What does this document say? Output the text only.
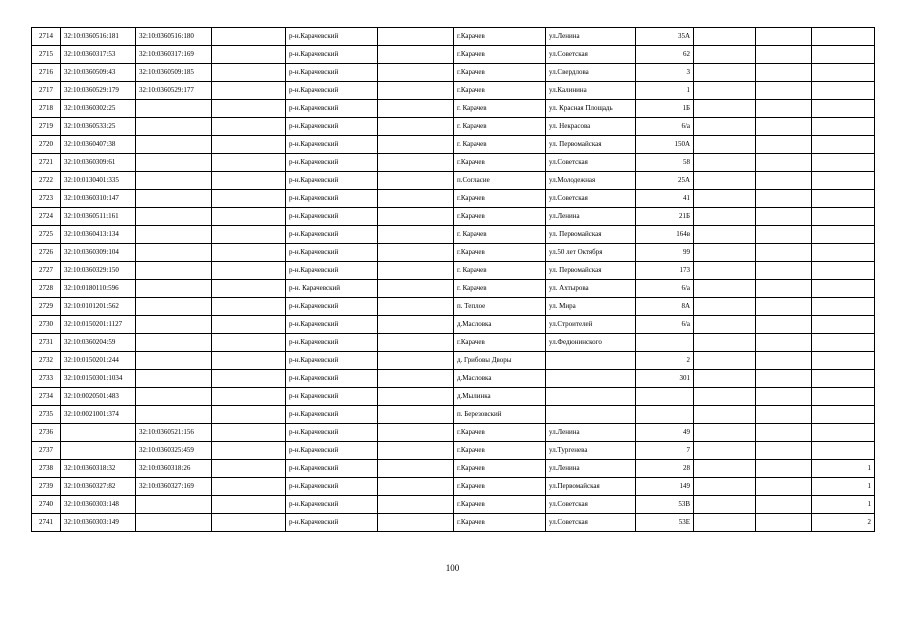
2714	32:10:0360516:181	32:10:0360516:180		р-н.Карачевский		г.Карачев	ул.Ленина	35А			
2715	32:10:0360317:53	32:10:0360317:169		р-н.Карачевский		г.Карачев	ул.Советская	62			
2716	32:10:0360509:43	32:10:0360509:185		р-н.Карачевский		г.Карачев	ул.Свердлова	3			
2717	32:10:0360529:179	32:10:0360529:177		р-н.Карачевский		г.Карачев	ул.Калинина	1			
2718	32:10:0360302:25			р-н.Карачевский		г. Карачев	ул. Красная Площадь	1Б			
2719	32:10:0360533:25			р-н.Карачевский		г. Карачев	ул. Некрасова	6/а			
2720	32:10:0360407:38			р-н.Карачевский		г. Карачев	ул. Первомайская	150А			
2721	32:10:0360309:61			р-н.Карачевский		г.Карачев	ул.Советская	58			
2722	32:10:0130401:335			р-н.Карачевский		п.Согласие	ул.Молодежная	25А			
2723	32:10:0360310:147			р-н.Карачевский		г.Карачев	ул.Советская	41			
2724	32:10:0360511:161			р-н.Карачевский		г.Карачев	ул.Ленина	21Б			
2725	32:10:0360413:134			р-н.Карачевский		г. Карачев	ул. Первомайская	164в			
2726	32:10:0360309:104			р-н.Карачевский		г.Карачев	ул.50 лет Октября	99			
2727	32:10:0360329:150			р-н.Карачевский		г. Карачев	ул. Первомайская	173			
2728	32:10:0180110:596			р-н. Карачевский		г. Карачев	ул. Ахтырова	6/а			
2729	32:10:0101201:562			р-н.Карачевский		п. Теплое	ул. Мира	8А			
2730	32:10:0150201:1127			р-н.Карачевский		д.Масловка	ул.Строителей	6/а			
2731	32:10:0360204:59			р-н.Карачевский		г.Карачев	ул.Федюнинского				
2732	32:10:0150201:244			р-н.Карачевский		д. Грибовы Дворы		2			
2733	32:10:0150301:1034			р-н.Карачевский		д.Масловка		301			
2734	32:10:0020501:483			р-н Карачевский		д.Мылинка					
2735	32:10:0021001:374			р-н.Карачевский		п. Березовский					
2736		32:10:0360521:156		р-н.Карачевский		г.Карачев	ул.Ленина	49			
2737		32:10:0360325:459		р-н.Карачевский		г.Карачев	ул.Тургенева	7			
2738	32:10:0360318:32	32:10:0360318:26		р-н.Карачевский		г.Карачев	ул.Ленина	28			1
2739	32:10:0360327:82	32:10:0360327:169		р-н.Карачевский		г.Карачев	ул.Первомайская	149			1
2740	32:10:0360303:148			р-н.Карачевский		г.Карачев	ул.Советская	53В			1
2741	32:10:0360303:149			р-н.Карачевский		г.Карачев	ул.Советская	53Е			2
100
